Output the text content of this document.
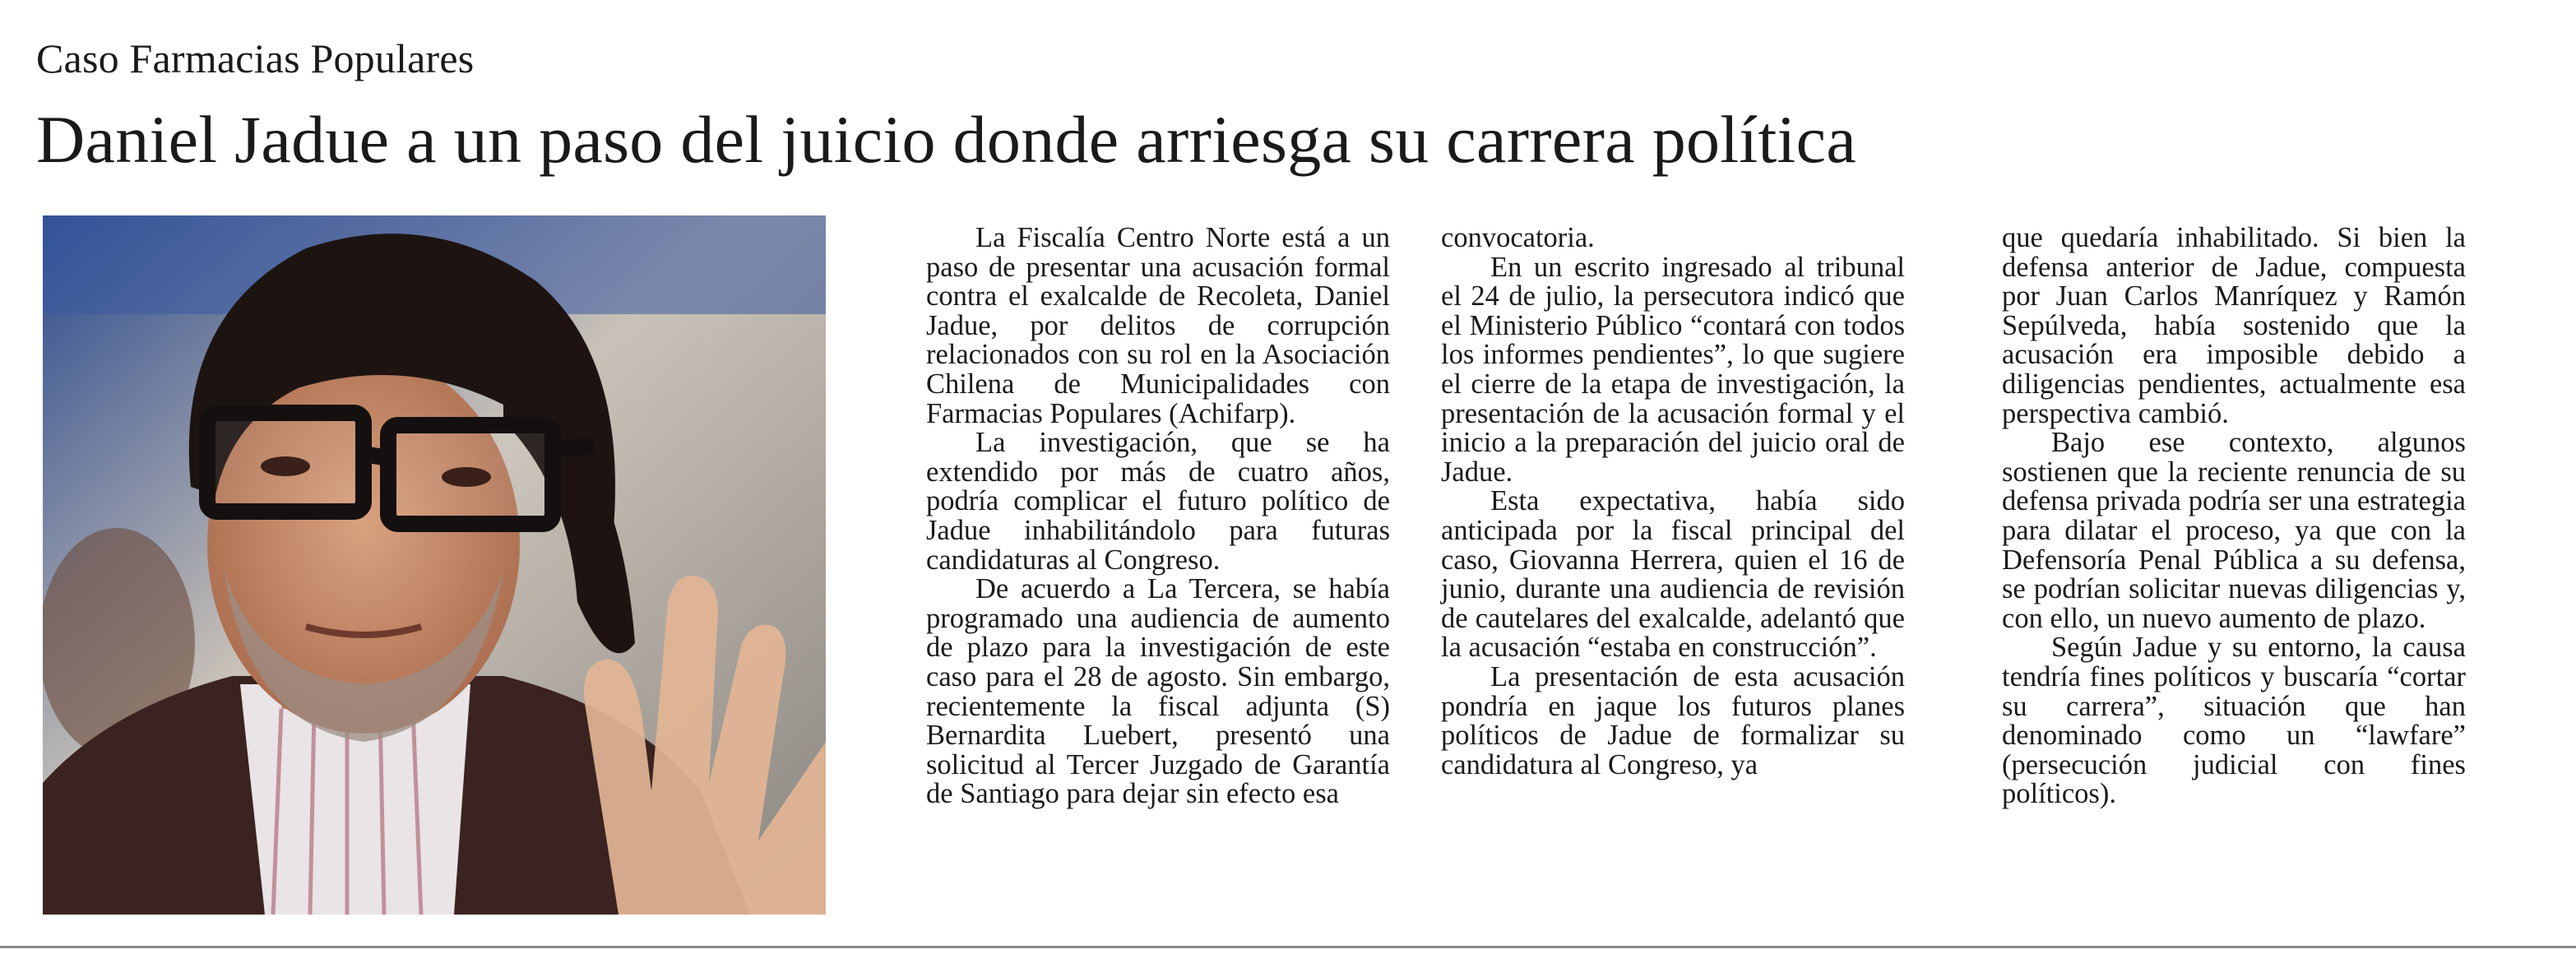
Caso Farmacias Populares
Daniel Jadue a un paso del juicio donde arriesga su carrera política

La Fiscalía Centro Norte está a un paso de presentar una acusación formal contra el exalcalde de Recoleta, Daniel Jadue, por delitos de corrupción relacionados con su rol en la Asociación Chilena de Municipalidades con Farmacias Populares (Achifarp).

La investigación, que se ha extendido por más de cuatro años, podría complicar el futuro político de Jadue inhabilitándolo para futuras candidaturas al Congreso.

De acuerdo a La Tercera, se había programado una audiencia de aumento de plazo para la investigación de este caso para el 28 de agosto. Sin embargo, recientemente la fiscal adjunta (S) Bernardita Luebert, presentó una solicitud al Tercer Juzgado de Garantía de Santiago para dejar sin efecto esa

convocatoria.

En un escrito ingresado al tribunal el 24 de julio, la persecutora indicó que el Ministerio Público “contará con todos los informes pendientes”, lo que sugiere el cierre de la etapa de investigación, la presentación de la acusación formal y el inicio a la preparación del juicio oral de Jadue.

Esta expectativa, había sido anticipada por la fiscal principal del caso, Giovanna Herrera, quien el 16 de junio, durante una audiencia de revisión de cautelares del exalcalde, adelantó que la acusación “estaba en construcción”.

La presentación de esta acusación pondría en jaque los futuros planes políticos de Jadue de formalizar su candidatura al Congreso, ya

que quedaría inhabilitado. Si bien la defensa anterior de Jadue, compuesta por Juan Carlos Manríquez y Ramón Sepúlveda, había sostenido que la acusación era imposible debido a diligencias pendientes, actualmente esa perspectiva cambió.

Bajo ese contexto, algunos sostienen que la reciente renuncia de su defensa privada podría ser una estrategia para dilatar el proceso, ya que con la Defensoría Penal Pública a su defensa, se podrían solicitar nuevas diligencias y, con ello, un nuevo aumento de plazo.

Según Jadue y su entorno, la causa tendría fines políticos y buscaría “cortar su carrera”, situación que han denominado como un “lawfare” (persecución judicial con fines políticos).
